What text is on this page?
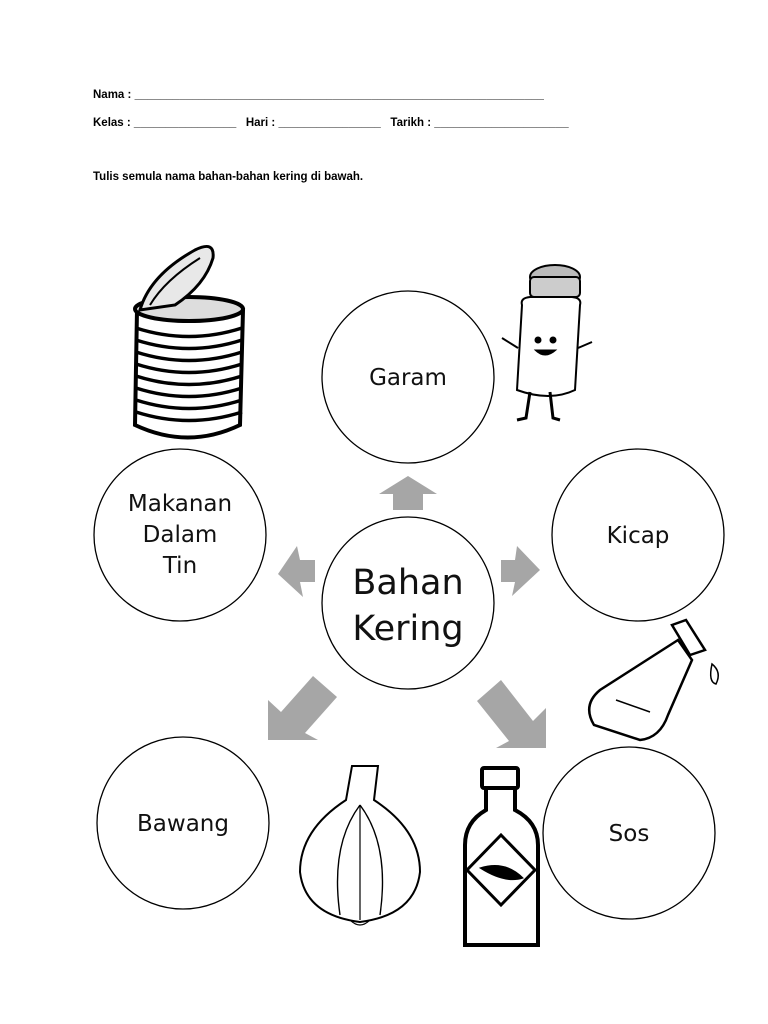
Nama : ________________________________________________________________
Kelas : ________________ Hari : ________________ Tarikh : _____________________
Tulis semula nama bahan-bahan kering di bawah.
Bahan
Kering
Garam
Kicap
Makanan
Dalam
Tin
Bawang	Sos
